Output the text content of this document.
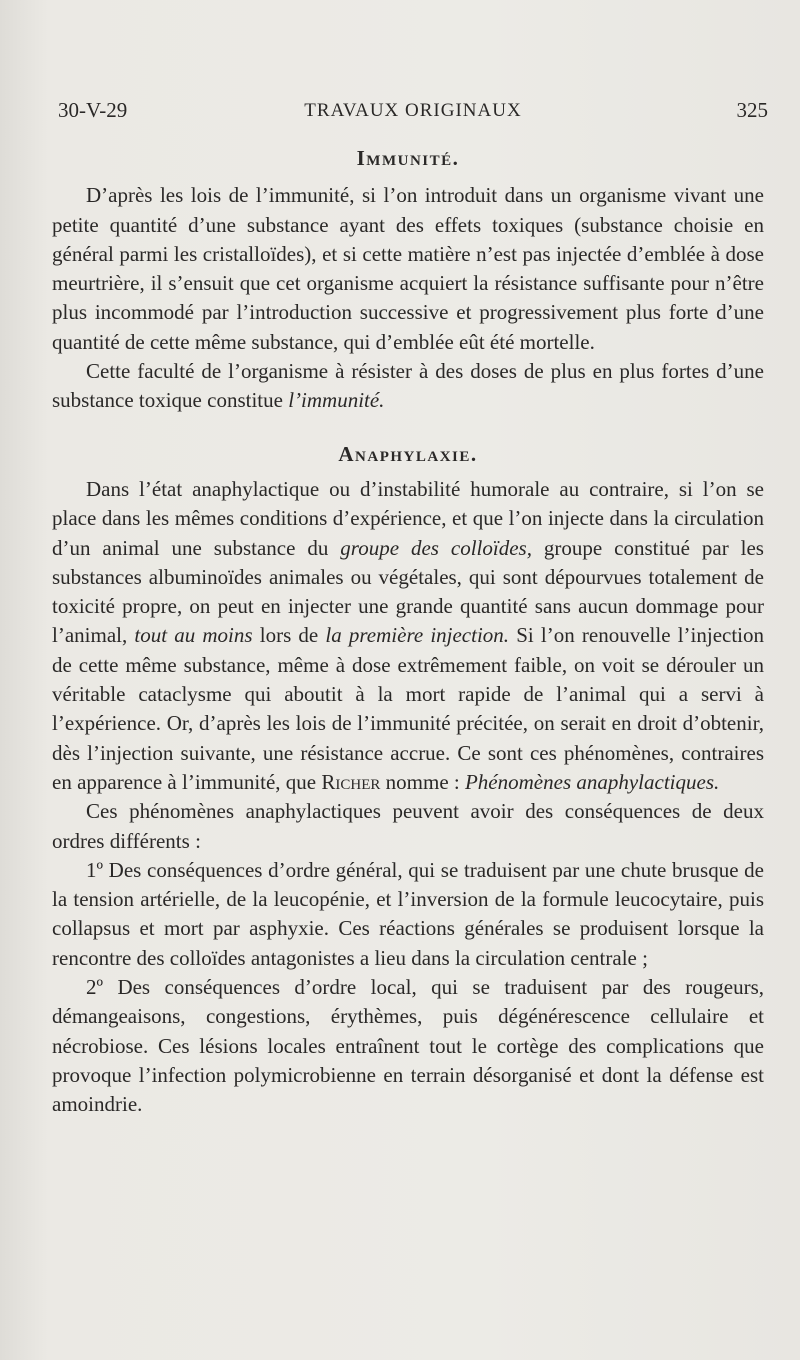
30-V-29	TRAVAUX ORIGINAUX	325
Immunité.

D’après les lois de l’immunité, si l’on introduit dans un organisme vivant une petite quantité d’une substance ayant des effets toxiques (substance choisie en général parmi les cristalloïdes), et si cette matière n’est pas injectée d’emblée à dose meurtrière, il s’ensuit que cet organisme acquiert la résistance suffisante pour n’être plus incommodé par l’introduction successive et progressivement plus forte d’une quantité de cette même substance, qui d’emblée eût été mortelle.

Cette faculté de l’organisme à résister à des doses de plus en plus fortes d’une substance toxique constitue l’immunité.

Anaphylaxie.

Dans l’état anaphylactique ou d’instabilité humorale au contraire, si l’on se place dans les mêmes conditions d’expérience, et que l’on injecte dans la circulation d’un animal une substance du groupe des colloïdes, groupe constitué par les substances albuminoïdes animales ou végétales, qui sont dépourvues totalement de toxicité propre, on peut en injecter une grande quantité sans aucun dommage pour l’animal, tout au moins lors de la première injection. Si l’on renouvelle l’injection de cette même substance, même à dose extrêmement faible, on voit se dérouler un véritable cataclysme qui aboutit à la mort rapide de l’animal qui a servi à l’expérience. Or, d’après les lois de l’immunité précitée, on serait en droit d’obtenir, dès l’injection suivante, une résistance accrue. Ce sont ces phénomènes, contraires en apparence à l’immunité, que Richer nomme : Phénomènes anaphylactiques.

Ces phénomènes anaphylactiques peuvent avoir des conséquences de deux ordres différents :

1º Des conséquences d’ordre général, qui se traduisent par une chute brusque de la tension artérielle, de la leucopénie, et l’inversion de la formule leucocytaire, puis collapsus et mort par asphyxie. Ces réactions générales se produisent lorsque la rencontre des colloïdes antagonistes a lieu dans la circulation centrale ;

2º Des conséquences d’ordre local, qui se traduisent par des rougeurs, démangeaisons, congestions, érythèmes, puis dégénérescence cellulaire et nécrobiose. Ces lésions locales entraînent tout le cortège des complications que provoque l’infection polymicrobienne en terrain désorganisé et dont la défense est amoindrie.
